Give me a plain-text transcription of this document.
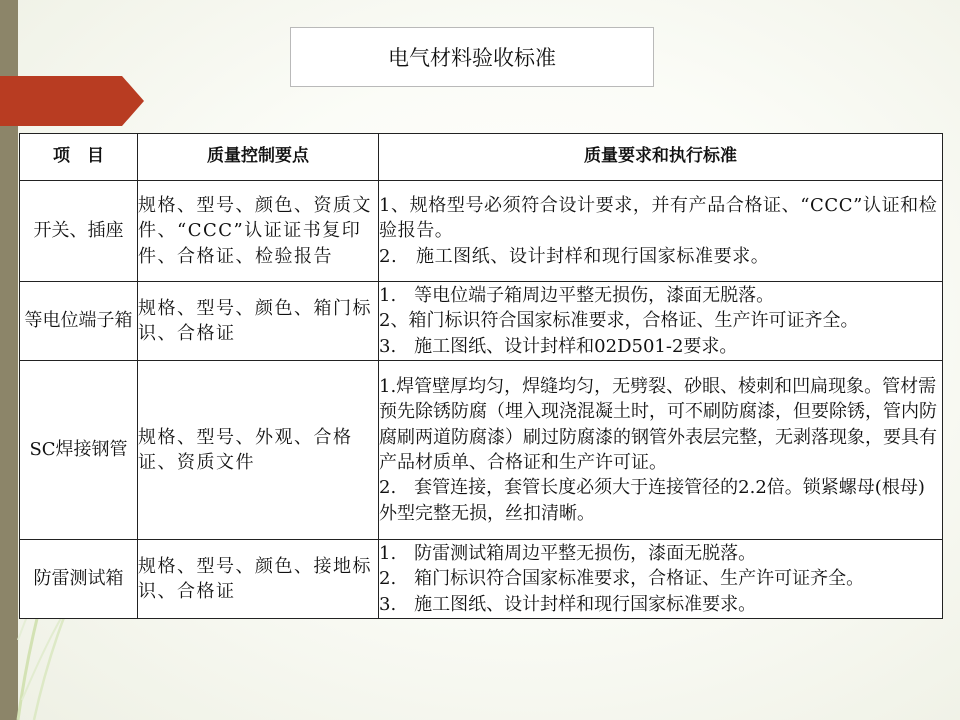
电气材料验收标准
项　目	质量控制要点	质量要求和执行标准
开关、插座	规格、型号、颜色、资质文件、“CCC”认证证书复印件、合格证、检验报告	1、规格型号必须符合设计要求，并有产品合格证、“CCC”认证和检验报告。
2.　施工图纸、设计封样和现行国家标准要求。

等电位端子箱	规格、型号、颜色、箱门标识、合格证	1.　等电位端子箱周边平整无损伤，漆面无脱落。
2、箱门标识符合国家标准要求，合格证、生产许可证齐全。
3.　施工图纸、设计封样和02D501-2要求。

SC焊接钢管	规格、型号、外观、合格证、资质文件	1.焊管壁厚均匀，焊缝均匀，无劈裂、砂眼、棱刺和凹扁现象。管材需预先除锈防腐（埋入现浇混凝土时，可不刷防腐漆，但要除锈，管内防腐刷两道防腐漆）刷过防腐漆的钢管外表层完整，无剥落现象，要具有产品材质单、合格证和生产许可证。
2.　套管连接，套管长度必须大于连接管径的2.2倍。锁紧螺母(根母)外型完整无损，丝扣清晰。

防雷测试箱	规格、型号、颜色、接地标识、合格证	1.　防雷测试箱周边平整无损伤，漆面无脱落。
2.　箱门标识符合国家标准要求，合格证、生产许可证齐全。
3.　施工图纸、设计封样和现行国家标准要求。
